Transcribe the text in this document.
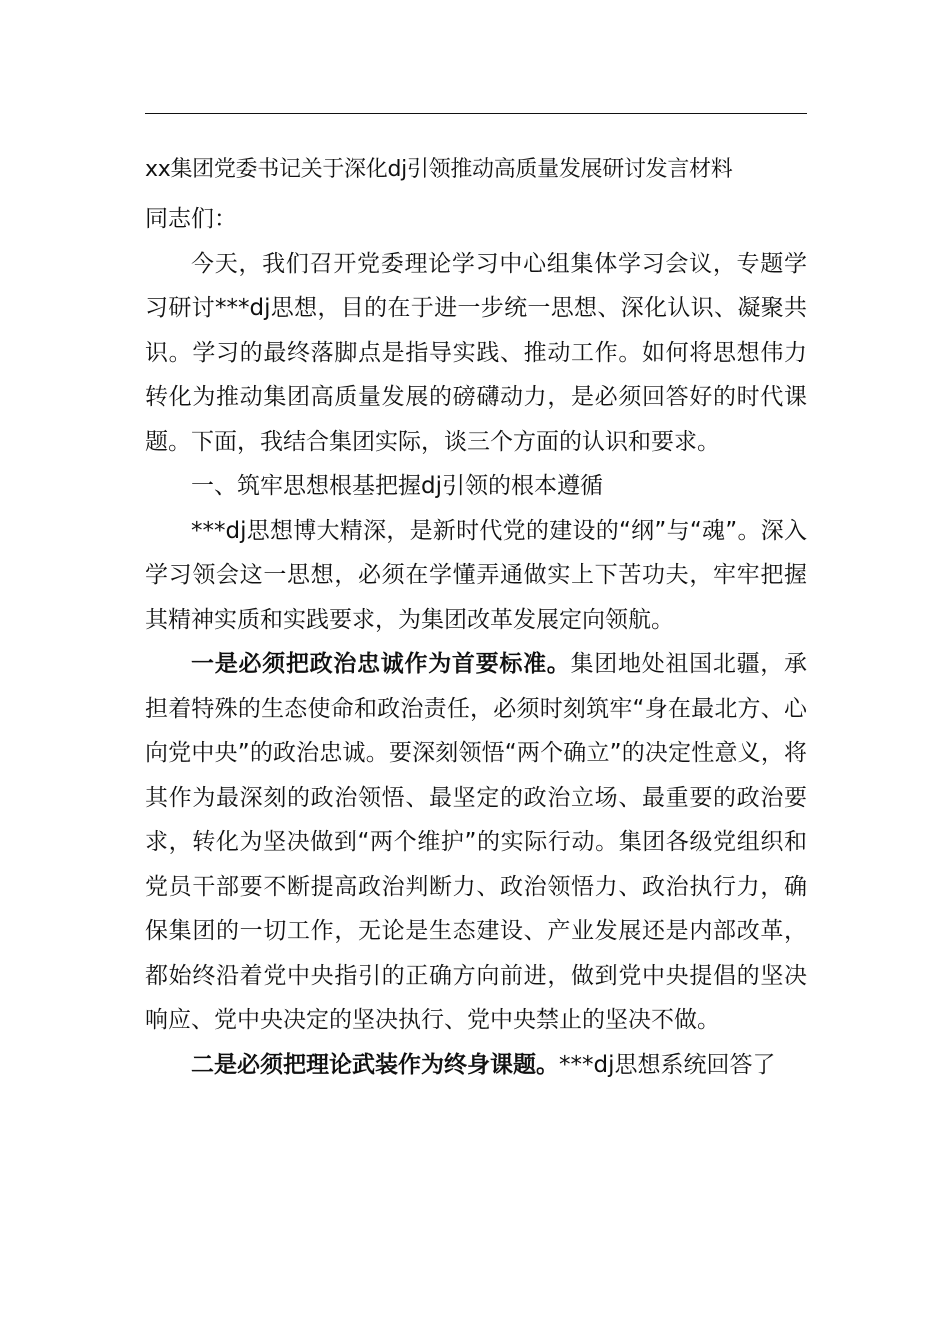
xx集团党委书记关于深化dj引领推动高质量发展研讨发言材料

同志们：

今天，我们召开党委理论学习中心组集体学习会议，专题学习研讨***dj思想，目的在于进一步统一思想、深化认识、凝聚共识。学习的最终落脚点是指导实践、推动工作。如何将思想伟力转化为推动集团高质量发展的磅礴动力，是必须回答好的时代课题。下面，我结合集团实际，谈三个方面的认识和要求。

一、筑牢思想根基把握dj引领的根本遵循

***dj思想博大精深，是新时代党的建设的“纲”与“魂”。深入学习领会这一思想，必须在学懂弄通做实上下苦功夫，牢牢把握其精神实质和实践要求，为集团改革发展定向领航。

一是必须把政治忠诚作为首要标准。集团地处祖国北疆，承担着特殊的生态使命和政治责任，必须时刻筑牢“身在最北方、心向党中央”的政治忠诚。要深刻领悟“两个确立”的决定性意义，将其作为最深刻的政治领悟、最坚定的政治立场、最重要的政治要求，转化为坚决做到“两个维护”的实际行动。集团各级党组织和党员干部要不断提高政治判断力、政治领悟力、政治执行力，确保集团的一切工作，无论是生态建设、产业发展还是内部改革，都始终沿着党中央指引的正确方向前进，做到党中央提倡的坚决响应、党中央决定的坚决执行、党中央禁止的坚决不做。

二是必须把理论武装作为终身课题。***dj思想系统回答了
